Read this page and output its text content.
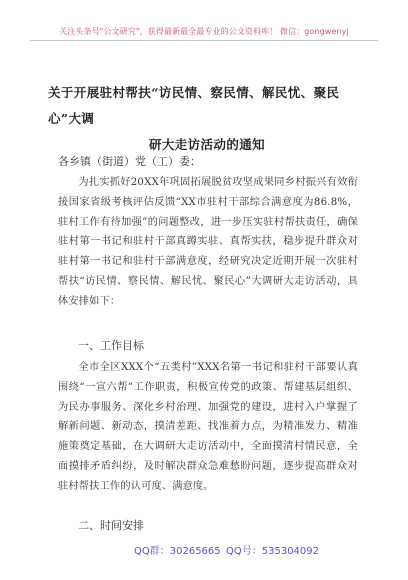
关注头条号"公文研究"，获得最新最全最专业的公文资料库！ 微信：gongwenyj
关于开展驻村帮扶“访民情、察民情、解民忧、聚民心”大调
研大走访活动的通知
各乡镇（街道）党（工）委：
为扎实抓好20XX年巩固拓展脱贫攻坚成果同乡村振兴有效衔接国家省级考核评估反馈“XX市驻村干部综合满意度为86.8%，驻村工作有待加强”的问题整改，进一步压实驻村帮扶责任，确保驻村第一书记和驻村干部真蹲实驻、真帮实扶，稳步提升群众对驻村第一书记和驻村干部满意度，经研究决定近期开展一次驻村帮扶“访民情、察民情、解民忧、聚民心”大调研大走访活动，具体安排如下：
一、工作目标
全市全区XXX个“五类村”XXX名第一书记和驻村干部要认真围绕“一宣六帮”工作职责，积极宣传党的政策、帮建基层组织、为民办事服务、深化乡村治理、加强党的建设，进村入户掌握了解新问题、新动态，摸清差距、找准着力点，为精准发力、精准施策奠定基础，在大调研大走访活动中，全面摸清村情民意，全面摸排矛盾纠纷，及时解决群众急难愁盼问题，逐步提高群众对驻村帮扶工作的认可度、满意度。
二、时间安排
QQ群：30265665 QQ号：535304092
